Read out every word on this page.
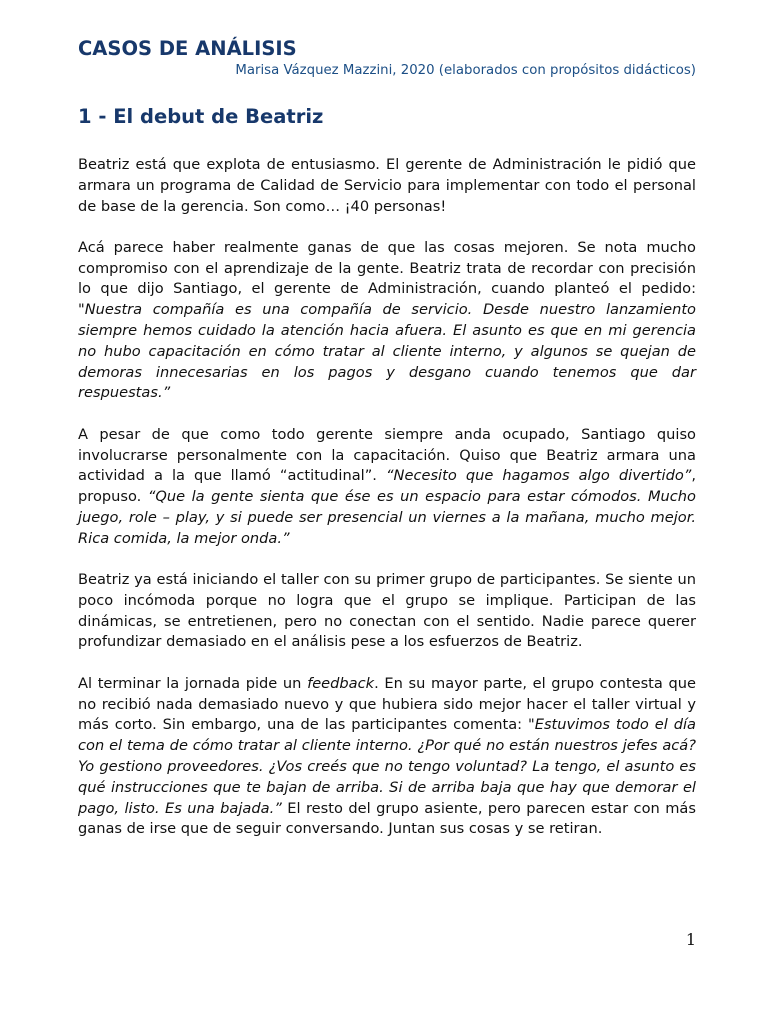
CASOS DE ANÁLISIS
Marisa Vázquez Mazzini, 2020 (elaborados con propósitos didácticos)
1 - El debut de Beatriz

Beatriz está que explota de entusiasmo. El gerente de Administración le pidió que armara un programa de Calidad de Servicio para implementar con todo el personal de base de la gerencia. Son como… ¡40 personas!

Acá parece haber realmente ganas de que las cosas mejoren. Se nota mucho compromiso con el aprendizaje de la gente. Beatriz trata de recordar con precisión lo que dijo Santiago, el gerente de Administración, cuando planteó el pedido: "Nuestra compañía es una compañía de servicio. Desde nuestro lanzamiento siempre hemos cuidado la atención hacia afuera. El asunto es que en mi gerencia no hubo capacitación en cómo tratar al cliente interno, y algunos se quejan de demoras innecesarias en los pagos y desgano cuando tenemos que dar respuestas.”

A pesar de que como todo gerente siempre anda ocupado, Santiago quiso involucrarse personalmente con la capacitación. Quiso que Beatriz armara una actividad a la que llamó “actitudinal”. “Necesito que hagamos algo divertido”, propuso. “Que la gente sienta que ése es un espacio para estar cómodos. Mucho juego, role – play, y si puede ser presencial un viernes a la mañana, mucho mejor. Rica comida, la mejor onda.”

Beatriz ya está iniciando el taller con su primer grupo de participantes. Se siente un poco incómoda porque no logra que el grupo se implique. Participan de las dinámicas, se entretienen, pero no conectan con el sentido. Nadie parece querer profundizar demasiado en el análisis pese a los esfuerzos de Beatriz.

Al terminar la jornada pide un feedback. En su mayor parte, el grupo contesta que no recibió nada demasiado nuevo y que hubiera sido mejor hacer el taller virtual y más corto. Sin embargo, una de las participantes comenta: "Estuvimos todo el día con el tema de cómo tratar al cliente interno. ¿Por qué no están nuestros jefes acá? Yo gestiono proveedores. ¿Vos creés que no tengo voluntad? La tengo, el asunto es qué instrucciones que te bajan de arriba. Si de arriba baja que hay que demorar el pago, listo. Es una bajada.” El resto del grupo asiente, pero parecen estar con más ganas de irse que de seguir conversando. Juntan sus cosas y se retiran.

1
